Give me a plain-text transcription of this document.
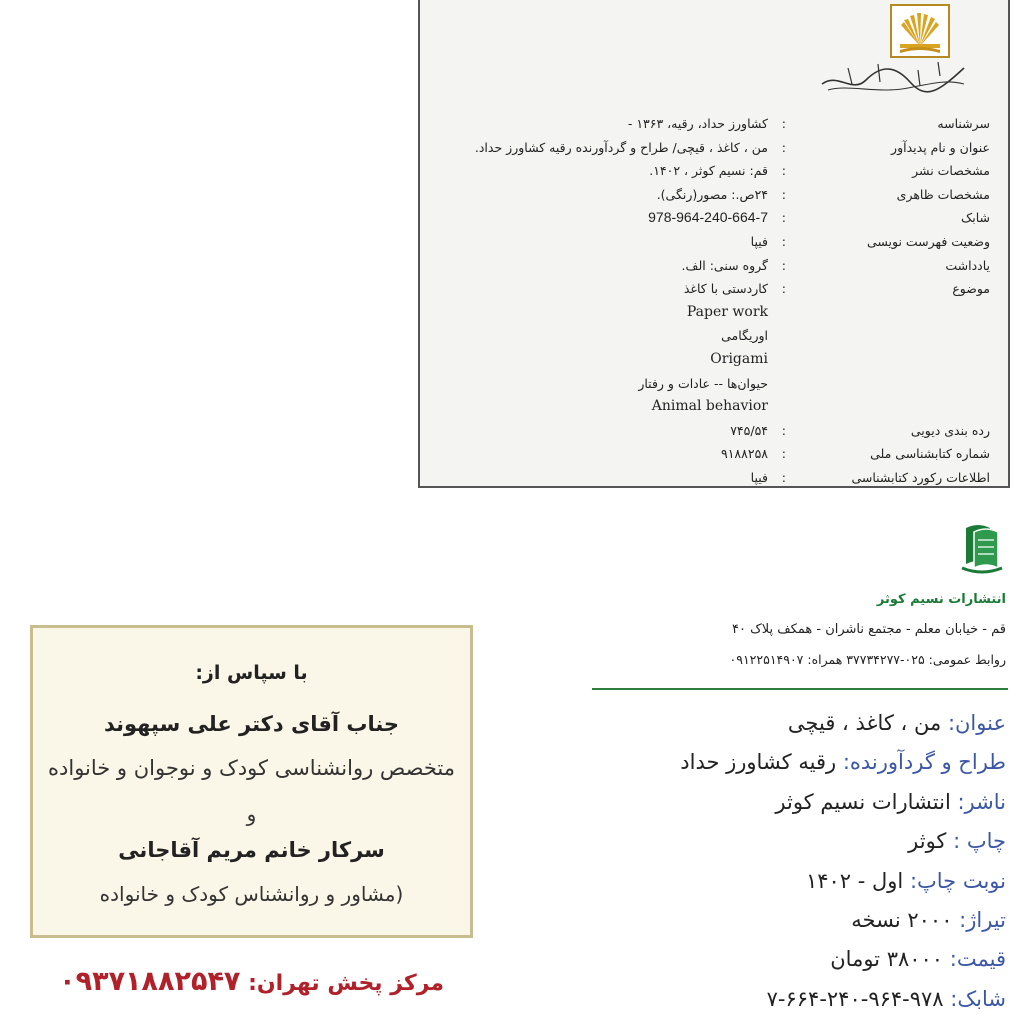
سرشناسه
:
کشاورز حداد، رقیه، ۱۳۶۳ -
عنوان و نام پدیدآور
:
من ، کاغذ ، قیچی/ طراح و گردآورنده رقیه کشاورز حداد.
مشخصات نشر
:
قم: نسیم کوثر ، ۱۴۰۲.
مشخصات ظاهری
:
۲۴ص.: مصور(رنگی).
شابک
:
978-964-240-664-7
وضعیت فهرست نویسی
:
فیپا
یادداشت
:
گروه سنی: الف.
موضوع
:
کاردستی با کاغذ
Paper work
اوریگامی
Origami
حیوان‌ها -- عادات و رفتار
Animal behavior
رده بندی دیویی
:
۷۴۵/۵۴
شماره کتابشناسی ملی
:
۹۱۸۸۲۵۸
اطلاعات رکورد کتابشناسی
:
فیپا
با سپاس از:
جناب آقای دکتر علی سپهوند
متخصص روانشناسی کودک و نوجوان و خانواده
و
سرکار خانم مریم آقاجانی
(مشاور و روانشناس کودک و خانواده
مرکز پخش تهران: ۰۹۳۷۱۸۸۲۵۴۷
انتشارات نسیم کوثر
قم - خیابان معلم - مجتمع ناشران - همکف پلاک ۴۰
روابط عمومی: ۰۲۵-۳۷۷۳۴۲۷۷ همراه: ۰۹۱۲۲۵۱۴۹۰۷
عنوان: من ، کاغذ ، قیچی
طراح و گردآورنده: رقیه کشاورز حداد
ناشر: انتشارات نسیم کوثر
چاپ : کوثر
نوبت چاپ: اول - ۱۴۰۲
تیراژ: ۲۰۰۰ نسخه
قیمت: ۳۸۰۰۰ تومان
شابک: ۹۷۸-۹۶۴-۲۴۰-۶۶۴-۷
